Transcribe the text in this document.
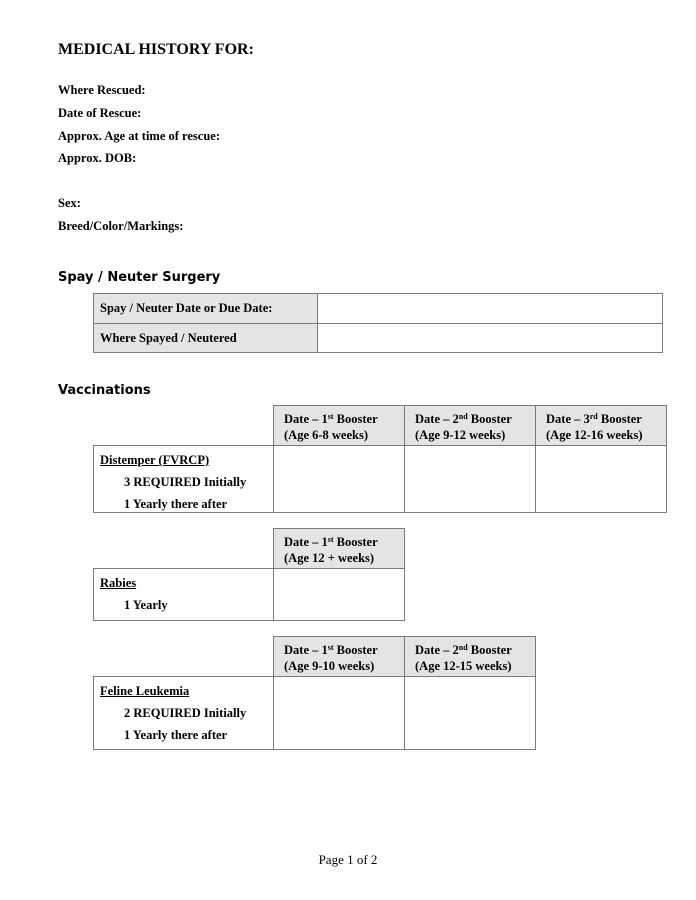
MEDICAL HISTORY FOR:
Where Rescued:
Date of Rescue:
Approx. Age at time of rescue:
Approx. DOB:
Sex:
Breed/Color/Markings:
Spay / Neuter Surgery
Spay / Neuter Date or Due Date:
Where Spayed / Neutered
Vaccinations
Date – 1st Booster
(Age 6-8 weeks)
Date – 2nd Booster
(Age 9-12 weeks)
Date – 3rd Booster
(Age 12-16 weeks)
Distemper (FVRCP)
3 REQUIRED Initially
1 Yearly there after
Date – 1st Booster
(Age 12 + weeks)
Rabies
1 Yearly
Date – 1st Booster
(Age 9-10 weeks)
Date – 2nd Booster
(Age 12-15 weeks)
Feline Leukemia
2 REQUIRED Initially
1 Yearly there after
Page 1 of 2
